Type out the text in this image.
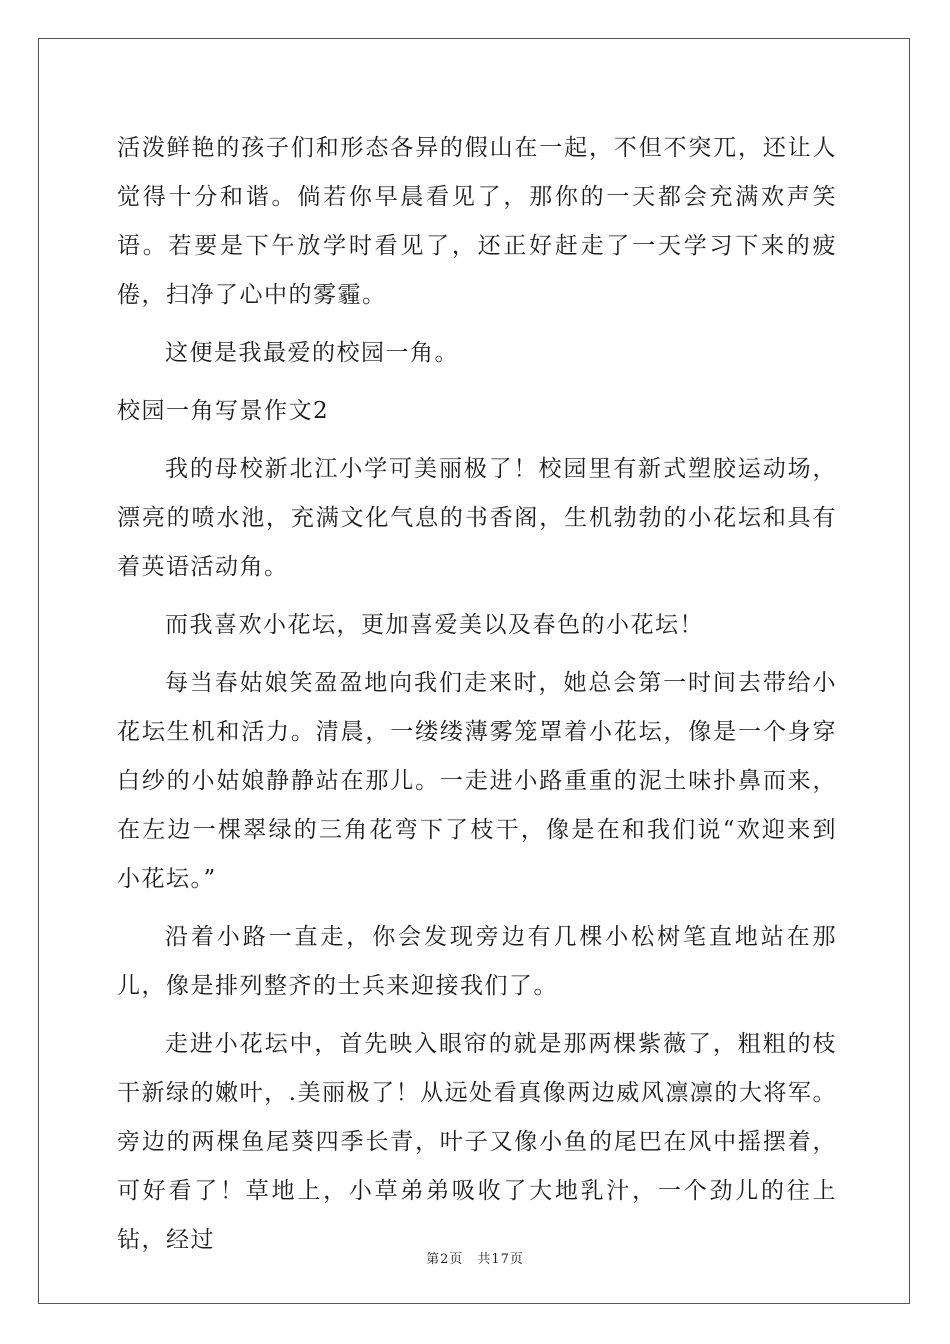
活泼鲜艳的孩子们和形态各异的假山在一起，不但不突兀，还让人觉得十分和谐。倘若你早晨看见了，那你的一天都会充满欢声笑语。若要是下午放学时看见了，还正好赶走了一天学习下来的疲倦，扫净了心中的雾霾。

这便是我最爱的校园一角。

校园一角写景作文2

我的母校新北江小学可美丽极了！校园里有新式塑胶运动场，漂亮的喷水池，充满文化气息的书香阁，生机勃勃的小花坛和具有着英语活动角。

而我喜欢小花坛，更加喜爱美以及春色的小花坛！

每当春姑娘笑盈盈地向我们走来时，她总会第一时间去带给小花坛生机和活力。清晨，一缕缕薄雾笼罩着小花坛，像是一个身穿白纱的小姑娘静静站在那儿。一走进小路重重的泥土味扑鼻而来，在左边一棵翠绿的三角花弯下了枝干，像是在和我们说“欢迎来到小花坛。”

沿着小路一直走，你会发现旁边有几棵小松树笔直地站在那儿，像是排列整齐的士兵来迎接我们了。

走进小花坛中，首先映入眼帘的就是那两棵紫薇了，粗粗的枝干新绿的嫩叶，.美丽极了！从远处看真像两边威风凛凛的大将军。旁边的两棵鱼尾葵四季长青，叶子又像小鱼的尾巴在风中摇摆着，可好看了！草地上，小草弟弟吸收了大地乳汁，一个劲儿的往上钻，经过

第2页 共17页
